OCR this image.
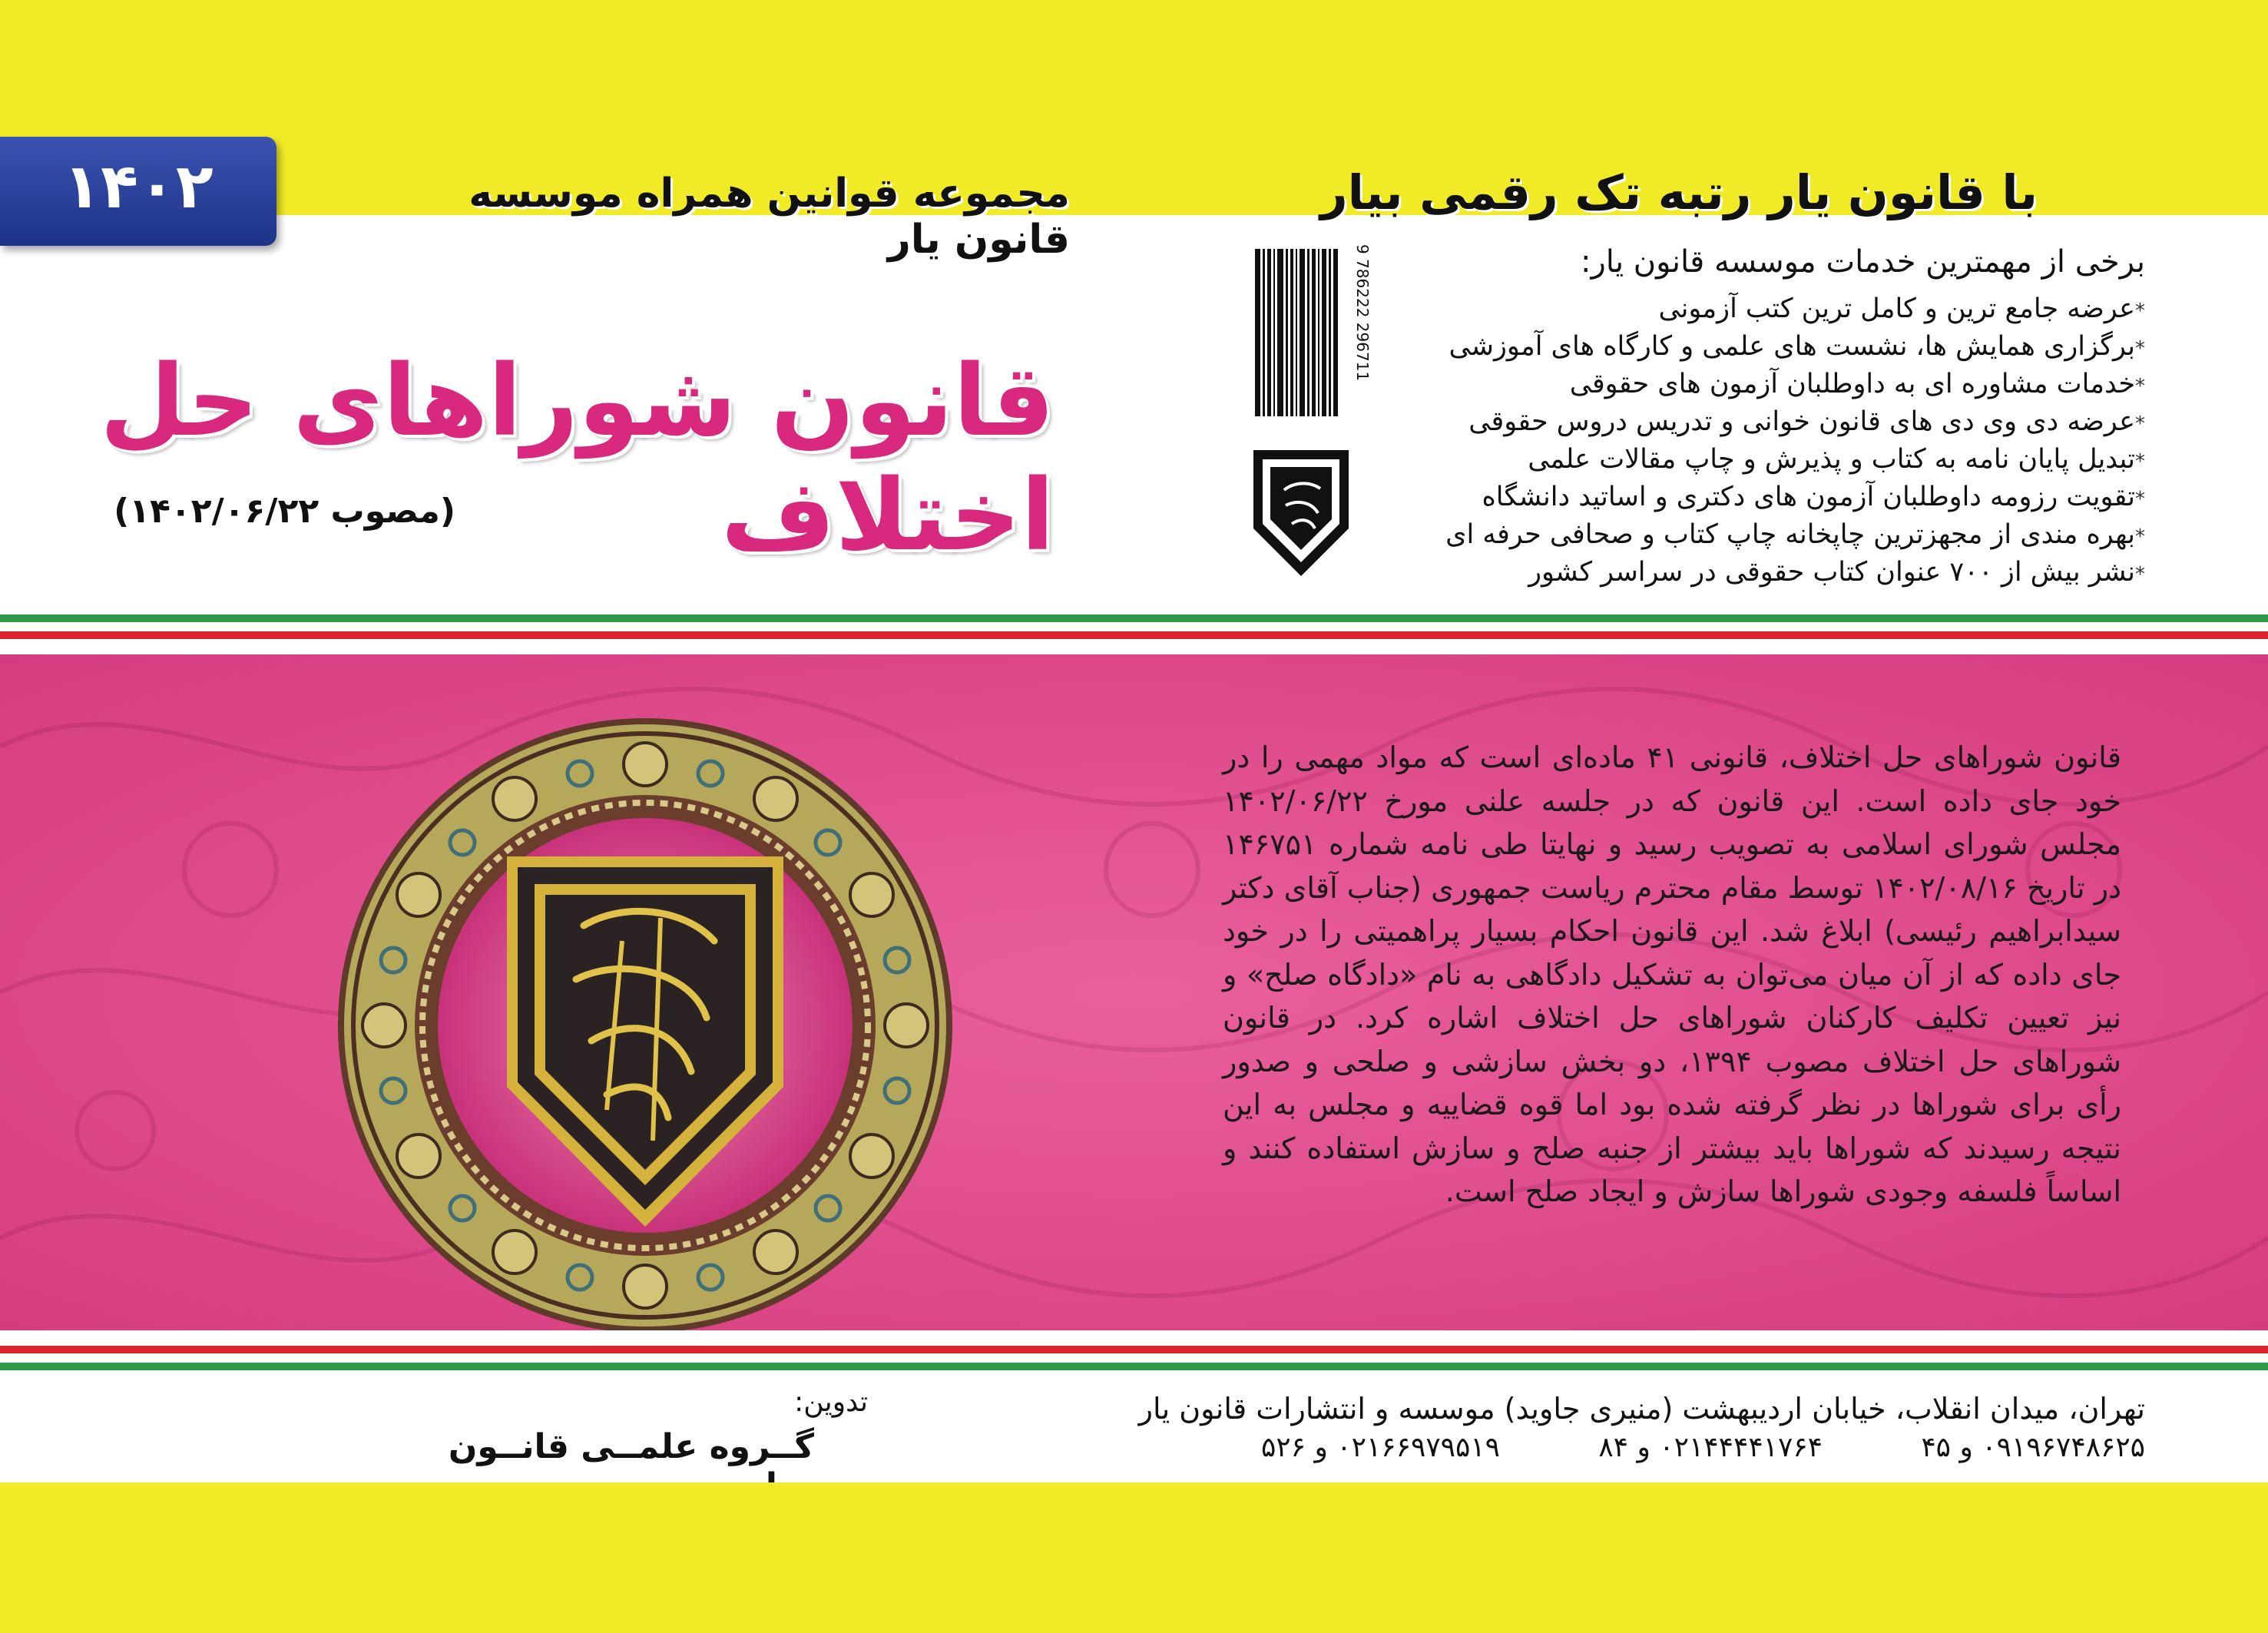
۱۴۰۲	مجموعه قوانین همراه موسسه قانون یار
با قانون یار رتبه تک رقمی بیار
برخی از مهمترین خدمات موسسه قانون یار:
*عرضه جامع ترین و کامل ترین کتب آزمونی
*برگزاری همایش ها، نشست های علمی و کارگاه های آموزشی
*خدمات مشاوره ای به داوطلبان آزمون های حقوقی
*عرضه دی وی دی های قانون خوانی و تدریس دروس حقوقی
*تبدیل پایان نامه به کتاب و پذیرش و چاپ مقالات علمی
*تقویت رزومه داوطلبان آزمون های دکتری و اساتید دانشگاه
*بهره مندی از مجهزترین چاپخانه چاپ کتاب و صحافی حرفه ای
*نشر بیش از ۷۰۰ عنوان کتاب حقوقی در سراسر کشور
9 786222 296711
قانون شوراهای حل اختلاف
(مصوب ۱۴۰۲/۰۶/۲۲)
قانون شوراهای حل اختلاف، قانونی ۴۱ ماده‌ای است که مواد مهمی را در خود جای داده است. این قانون که در جلسه علنی مورخ ۱۴۰۲/۰۶/۲۲ مجلس شورای اسلامی به تصویب رسید و نهایتا طی نامه شماره ۱۴۶۷۵۱ در تاریخ ۱۴۰۲/۰۸/۱۶ توسط مقام محترم ریاست جمهوری (جناب آقای دکتر سیدابراهیم رئیسی) ابلاغ شد. این قانون احکام بسیار پراهمیتی را در خود جای داده که از آن میان می‌توان به تشکیل دادگاهی به نام «دادگاه صلح» و نیز تعیین تکلیف کارکنان شوراهای حل اختلاف اشاره کرد. در قانون شوراهای حل اختلاف مصوب ۱۳۹۴، دو بخش سازشی و صلحی و صدور رأی برای شوراها در نظر گرفته شده بود اما قوه قضاییه و مجلس به این نتیجه رسیدند که شوراها باید بیشتر از جنبه صلح و سازش استفاده کنند و اساساً فلسفه وجودی شوراها سازش و ایجاد صلح است.
تدوین:
گــروه علمــی قانــون
تهران، میدان انقلاب، خیابان اردیبهشت (منیری جاوید) موسسه و انتشارات قانون یار
۰۹۱۹۶۷۴۸۶۲۵ و ۴۵
۰۲۱۴۴۴۴۱۷۶۴ و ۸۴
۰۲۱۶۶۹۷۹۵۱۹ و ۵۲۶
